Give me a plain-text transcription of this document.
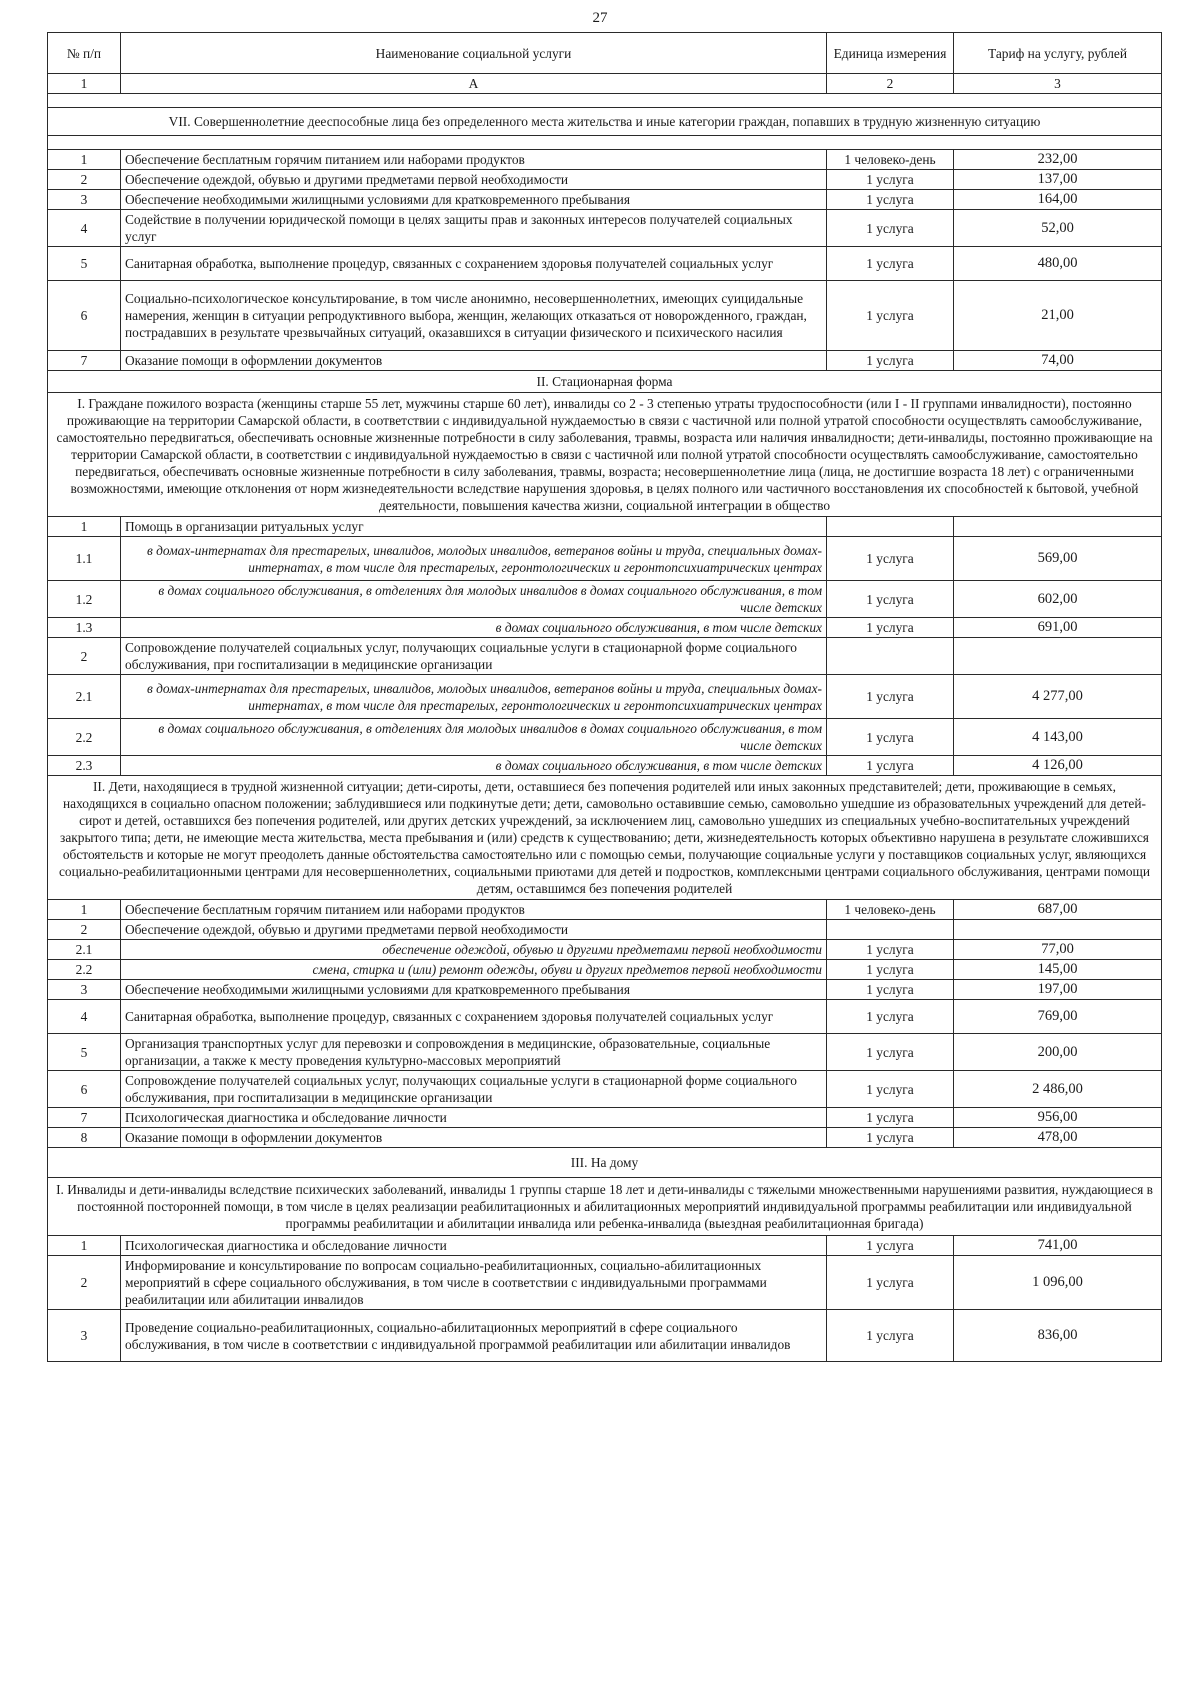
27
№ п/п	Наименование социальной услуги	Единица измерения	Тариф на услугу, рублей
1	А	2	3

VII. Совершеннолетние дееспособные лица без определенного места жительства и иные категории граждан, попавших в трудную жизненную ситуацию			

1	Обеспечение бесплатным горячим питанием или наборами продуктов	1 человеко-день	232,00
2	Обеспечение одеждой, обувью и другими предметами первой необходимости	1 услуга	137,00
3	Обеспечение необходимыми жилищными условиями для кратковременного пребывания	1 услуга	164,00
4	Содействие в получении юридической помощи в целях защиты прав и законных интересов получателей социальных услуг	1 услуга	52,00
5	Санитарная обработка, выполнение процедур, связанных с сохранением здоровья получателей социальных услуг	1 услуга	480,00
6	Социально-психологическое консультирование, в том числе анонимно, несовершеннолетних, имеющих суицидальные намерения, женщин в ситуации репродуктивного выбора, женщин, желающих отказаться от новорожденного, граждан, пострадавших в результате чрезвычайных ситуаций, оказавшихся в ситуации физического и психического насилия	1 услуга	21,00
7	Оказание помощи в оформлении документов	1 услуга	74,00
II. Стационарная форма			
I. Граждане пожилого возраста (женщины старше 55 лет, мужчины старше 60 лет), инвалиды со 2 - 3 степенью утраты трудоспособности (или I - II группами инвалидности), постоянно проживающие на территории Самарской области, в соответствии с индивидуальной нуждаемостью в связи с частичной или полной утратой способности осуществлять самообслуживание, самостоятельно передвигаться, обеспечивать основные жизненные потребности в силу заболевания, травмы, возраста или наличия инвалидности; дети-инвалиды, постоянно проживающие на территории Самарской области, в соответствии с индивидуальной нуждаемостью в связи с частичной или полной утратой способности осуществлять самообслуживание, самостоятельно передвигаться, обеспечивать основные жизненные потребности в силу заболевания, травмы, возраста; несовершеннолетние лица (лица, не достигшие возраста 18 лет) с ограниченными возможностями, имеющие отклонения от норм жизнедеятельности вследствие нарушения здоровья, в целях полного или частичного восстановления их способностей к бытовой, учебной деятельности, повышения качества жизни, социальной интеграции в общество			
1	Помощь в организации ритуальных услуг		
1.1	в домах-интернатах для престарелых, инвалидов, молодых инвалидов, ветеранов войны и труда, специальных домах-интернатах, в том числе для престарелых, геронтологических и геронтопсихиатрических центрах	1 услуга	569,00
1.2	в домах социального обслуживания, в отделениях для молодых инвалидов в домах социального обслуживания, в том числе детских	1 услуга	602,00
1.3	в домах социального обслуживания, в том числе детских	1 услуга	691,00
2	Сопровождение получателей социальных услуг, получающих социальные услуги в стационарной форме социального обслуживания, при госпитализации в медицинские организации		
2.1	в домах-интернатах для престарелых, инвалидов, молодых инвалидов, ветеранов войны и труда, специальных домах-интернатах, в том числе для престарелых, геронтологических и геронтопсихиатрических центрах	1 услуга	4 277,00
2.2	в домах социального обслуживания, в отделениях для молодых инвалидов в домах социального обслуживания, в том числе детских	1 услуга	4 143,00
2.3	в домах социального обслуживания, в том числе детских	1 услуга	4 126,00
II. Дети, находящиеся в трудной жизненной ситуации; дети-сироты, дети, оставшиеся без попечения родителей или иных законных представителей; дети, проживающие в семьях, находящихся в социально опасном положении; заблудившиеся или подкинутые дети; дети, самовольно оставившие семью, самовольно ушедшие из образовательных учреждений для детей-сирот и детей, оставшихся без попечения родителей, или других детских учреждений, за исключением лиц, самовольно ушедших из специальных учебно-воспитательных учреждений закрытого типа; дети, не имеющие места жительства, места пребывания и (или) средств к существованию; дети, жизнедеятельность которых объективно нарушена в результате сложившихся обстоятельств и которые не могут преодолеть данные обстоятельства самостоятельно или с помощью семьи, получающие социальные услуги у поставщиков социальных услуг, являющихся социально-реабилитационными центрами для несовершеннолетних, социальными приютами для детей и подростков, комплексными центрами социального обслуживания, центрами помощи детям, оставшимся без попечения родителей			
1	Обеспечение бесплатным горячим питанием или наборами продуктов	1 человеко-день	687,00
2	Обеспечение одеждой, обувью и другими предметами первой необходимости		
2.1	обеспечение одеждой, обувью и другими предметами первой необходимости	1 услуга	77,00
2.2	смена, стирка и (или) ремонт одежды, обуви и других предметов первой необходимости	1 услуга	145,00
3	Обеспечение необходимыми жилищными условиями для кратковременного пребывания	1 услуга	197,00
4	Санитарная обработка, выполнение процедур, связанных с сохранением здоровья получателей социальных услуг	1 услуга	769,00
5	Организация транспортных услуг для перевозки и сопровождения в медицинские, образовательные, социальные организации, а также к месту проведения культурно-массовых мероприятий	1 услуга	200,00
6	Сопровождение получателей социальных услуг, получающих социальные услуги в стационарной форме социального обслуживания, при госпитализации в медицинские организации	1 услуга	2 486,00
7	Психологическая диагностика и обследование личности	1 услуга	956,00
8	Оказание помощи в оформлении документов	1 услуга	478,00
III. На дому			
I. Инвалиды и дети-инвалиды вследствие психических заболеваний, инвалиды 1 группы старше 18 лет и дети-инвалиды с тяжелыми множественными нарушениями развития, нуждающиеся в постоянной посторонней помощи, в том числе в целях реализации реабилитационных и абилитационных мероприятий индивидуальной программы реабилитации или индивидуальной программы реабилитации и абилитации инвалида или ребенка-инвалида (выездная реабилитационная бригада)			
1	Психологическая диагностика и обследование личности	1 услуга	741,00
2	Информирование и консультирование по вопросам социально-реабилитационных, социально-абилитационных мероприятий в сфере социального обслуживания, в том числе в соответствии с индивидуальными программами реабилитации или абилитации инвалидов	1 услуга	1 096,00
3	Проведение социально-реабилитационных, социально-абилитационных мероприятий в сфере социального обслуживания, в том числе в соответствии с индивидуальной программой реабилитации или абилитации инвалидов	1 услуга	836,00
